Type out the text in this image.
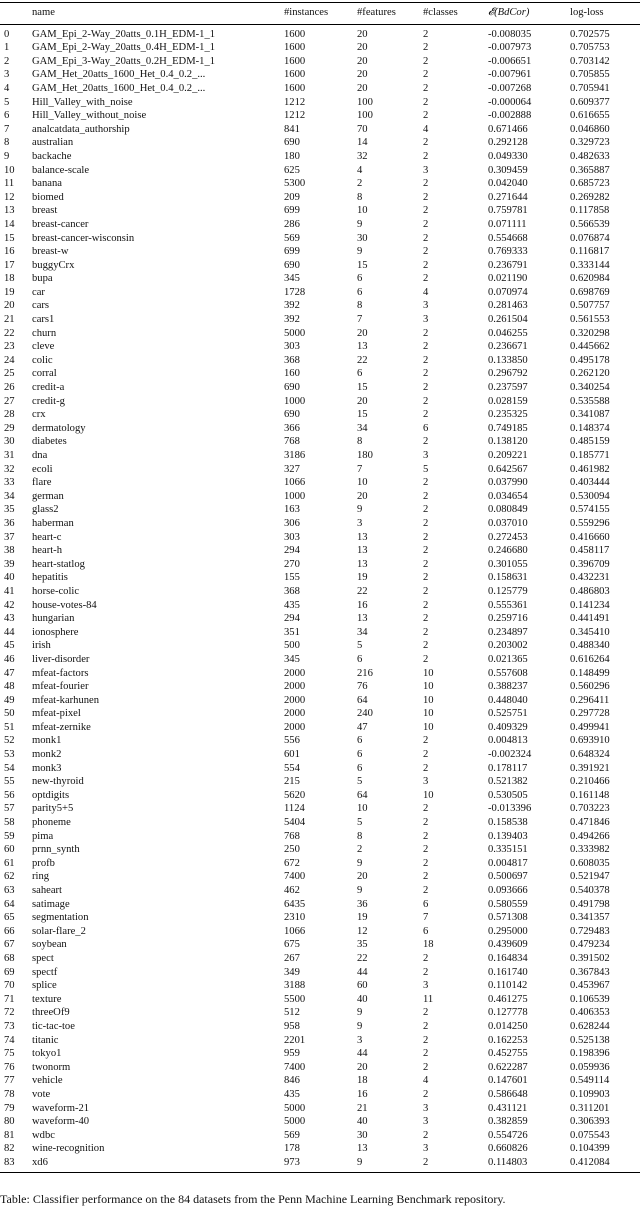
	name	#instances	#features	#classes	𝓔(BdCor)	log-loss
0	GAM_Epi_2-Way_20atts_0.1H_EDM-1_1	1600	20	2	-0.008035	0.702575
1	GAM_Epi_2-Way_20atts_0.4H_EDM-1_1	1600	20	2	-0.007973	0.705753
2	GAM_Epi_3-Way_20atts_0.2H_EDM-1_1	1600	20	2	-0.006651	0.703142
3	GAM_Het_20atts_1600_Het_0.4_0.2_...	1600	20	2	-0.007961	0.705855
4	GAM_Het_20atts_1600_Het_0.4_0.2_...	1600	20	2	-0.007268	0.705941
5	Hill_Valley_with_noise	1212	100	2	-0.000064	0.609377
6	Hill_Valley_without_noise	1212	100	2	-0.002888	0.616655
7	analcatdata_authorship	841	70	4	0.671466	0.046860
8	australian	690	14	2	0.292128	0.329723
9	backache	180	32	2	0.049330	0.482633
10	balance-scale	625	4	3	0.309459	0.365887
11	banana	5300	2	2	0.042040	0.685723
12	biomed	209	8	2	0.271644	0.269282
13	breast	699	10	2	0.759781	0.117858
14	breast-cancer	286	9	2	0.071111	0.566539
15	breast-cancer-wisconsin	569	30	2	0.554668	0.076874
16	breast-w	699	9	2	0.769333	0.116817
17	buggyCrx	690	15	2	0.236791	0.333144
18	bupa	345	6	2	0.021190	0.620984
19	car	1728	6	4	0.070974	0.698769
20	cars	392	8	3	0.281463	0.507757
21	cars1	392	7	3	0.261504	0.561553
22	churn	5000	20	2	0.046255	0.320298
23	cleve	303	13	2	0.236671	0.445662
24	colic	368	22	2	0.133850	0.495178
25	corral	160	6	2	0.296792	0.262120
26	credit-a	690	15	2	0.237597	0.340254
27	credit-g	1000	20	2	0.028159	0.535588
28	crx	690	15	2	0.235325	0.341087
29	dermatology	366	34	6	0.749185	0.148374
30	diabetes	768	8	2	0.138120	0.485159
31	dna	3186	180	3	0.209221	0.185771
32	ecoli	327	7	5	0.642567	0.461982
33	flare	1066	10	2	0.037990	0.403444
34	german	1000	20	2	0.034654	0.530094
35	glass2	163	9	2	0.080849	0.574155
36	haberman	306	3	2	0.037010	0.559296
37	heart-c	303	13	2	0.272453	0.416660
38	heart-h	294	13	2	0.246680	0.458117
39	heart-statlog	270	13	2	0.301055	0.396709
40	hepatitis	155	19	2	0.158631	0.432231
41	horse-colic	368	22	2	0.125779	0.486803
42	house-votes-84	435	16	2	0.555361	0.141234
43	hungarian	294	13	2	0.259716	0.441491
44	ionosphere	351	34	2	0.234897	0.345410
45	irish	500	5	2	0.203002	0.488340
46	liver-disorder	345	6	2	0.021365	0.616264
47	mfeat-factors	2000	216	10	0.557608	0.148499
48	mfeat-fourier	2000	76	10	0.388237	0.560296
49	mfeat-karhunen	2000	64	10	0.448040	0.296411
50	mfeat-pixel	2000	240	10	0.525751	0.297728
51	mfeat-zernike	2000	47	10	0.409329	0.499941
52	monk1	556	6	2	0.004813	0.693910
53	monk2	601	6	2	-0.002324	0.648324
54	monk3	554	6	2	0.178117	0.391921
55	new-thyroid	215	5	3	0.521382	0.210466
56	optdigits	5620	64	10	0.530505	0.161148
57	parity5+5	1124	10	2	-0.013396	0.703223
58	phoneme	5404	5	2	0.158538	0.471846
59	pima	768	8	2	0.139403	0.494266
60	prnn_synth	250	2	2	0.335151	0.333982
61	profb	672	9	2	0.004817	0.608035
62	ring	7400	20	2	0.500697	0.521947
63	saheart	462	9	2	0.093666	0.540378
64	satimage	6435	36	6	0.580559	0.491798
65	segmentation	2310	19	7	0.571308	0.341357
66	solar-flare_2	1066	12	6	0.295000	0.729483
67	soybean	675	35	18	0.439609	0.479234
68	spect	267	22	2	0.164834	0.391502
69	spectf	349	44	2	0.161740	0.367843
70	splice	3188	60	3	0.110142	0.453967
71	texture	5500	40	11	0.461275	0.106539
72	threeOf9	512	9	2	0.127778	0.406353
73	tic-tac-toe	958	9	2	0.014250	0.628244
74	titanic	2201	3	2	0.162253	0.525138
75	tokyo1	959	44	2	0.452755	0.198396
76	twonorm	7400	20	2	0.622287	0.059936
77	vehicle	846	18	4	0.147601	0.549114
78	vote	435	16	2	0.586648	0.109903
79	waveform-21	5000	21	3	0.431121	0.311201
80	waveform-40	5000	40	3	0.382859	0.306393
81	wdbc	569	30	2	0.554726	0.075543
82	wine-recognition	178	13	3	0.660826	0.104399
83	xd6	973	9	2	0.114803	0.412084
Table: Classifier performance on the 84 datasets from the Penn Machine Learning Benchmark repository.
